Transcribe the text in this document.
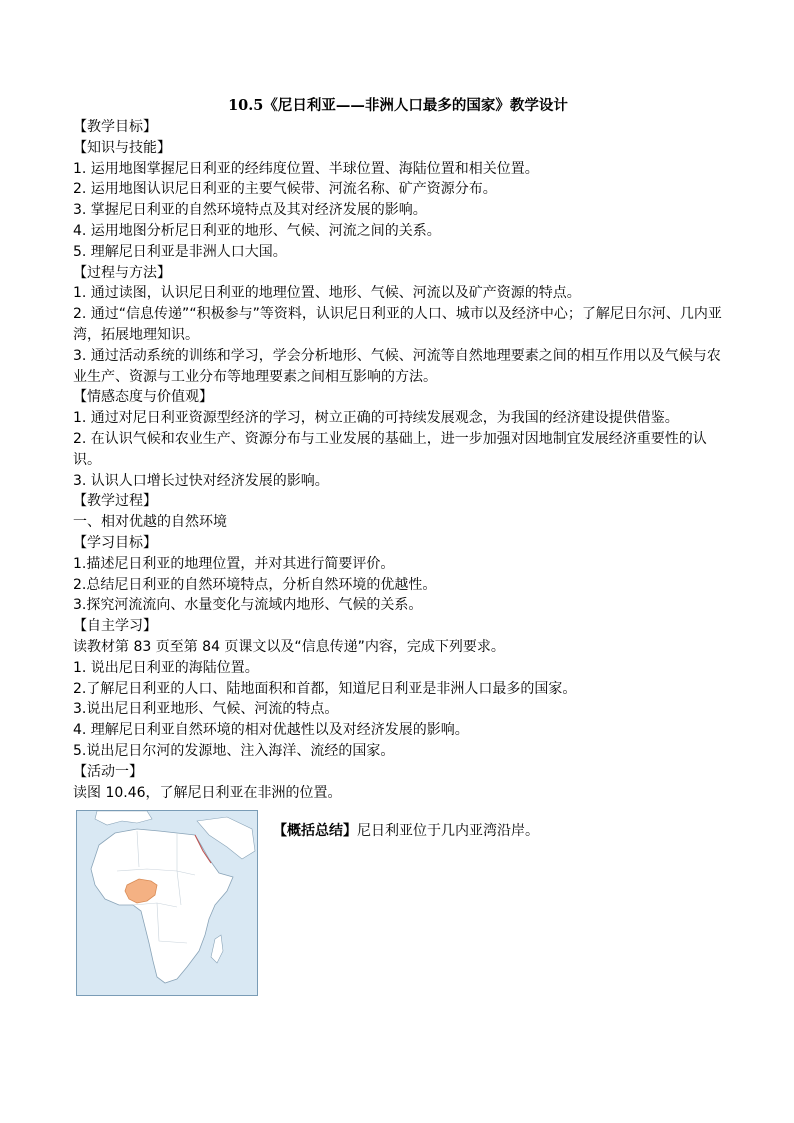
10.5《尼日利亚——非洲人口最多的国家》教学设计
【教学目标】
【知识与技能】
1. 运用地图掌握尼日利亚的经纬度位置、半球位置、海陆位置和相关位置。
2. 运用地图认识尼日利亚的主要气候带、河流名称、矿产资源分布。
3. 掌握尼日利亚的自然环境特点及其对经济发展的影响。
4. 运用地图分析尼日利亚的地形、气候、河流之间的关系。
5. 理解尼日利亚是非洲人口大国。
【过程与方法】
1. 通过读图，认识尼日利亚的地理位置、地形、气候、河流以及矿产资源的特点。
2. 通过“信息传递”“积极参与”等资料，认识尼日利亚的人口、城市以及经济中心；了解尼日尔河、几内亚湾，拓展地理知识。
3. 通过活动系统的训练和学习，学会分析地形、气候、河流等自然地理要素之间的相互作用以及气候与农业生产、资源与工业分布等地理要素之间相互影响的方法。
【情感态度与价值观】
1. 通过对尼日利亚资源型经济的学习，树立正确的可持续发展观念，为我国的经济建设提供借鉴。
2. 在认识气候和农业生产、资源分布与工业发展的基础上，进一步加强对因地制宜发展经济重要性的认识。
3. 认识人口增长过快对经济发展的影响。
【教学过程】
一、相对优越的自然环境
【学习目标】
1.描述尼日利亚的地理位置，并对其进行简要评价。
2.总结尼日利亚的自然环境特点，分析自然环境的优越性。
3.探究河流流向、水量变化与流域内地形、气候的关系。
【自主学习】
读教材第 83 页至第 84 页课文以及“信息传递”内容，完成下列要求。
1. 说出尼日利亚的海陆位置。
2.了解尼日利亚的人口、陆地面积和首都，知道尼日利亚是非洲人口最多的国家。
3.说出尼日利亚地形、气候、河流的特点。
4. 理解尼日利亚自然环境的相对优越性以及对经济发展的影响。
5.说出尼日尔河的发源地、注入海洋、流经的国家。
【活动一】
读图 10.46，了解尼日利亚在非洲的位置。
【概括总结】尼日利亚位于几内亚湾沿岸。
